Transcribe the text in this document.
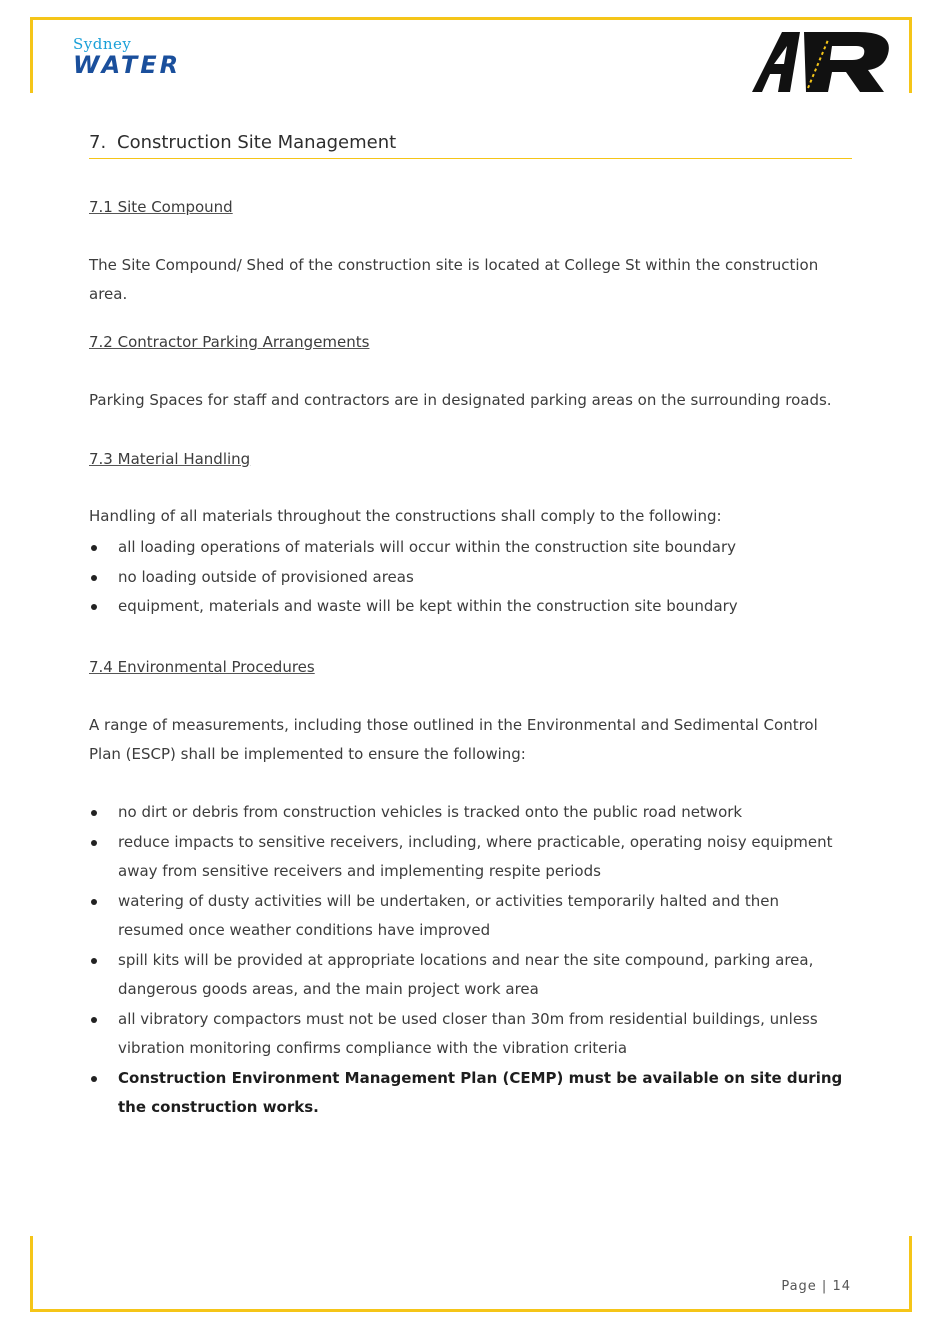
Sydney
WATER
7. Construction Site Management

7.1 Site Compound

The Site Compound/ Shed of the construction site is located at College St within the construction area.

7.2 Contractor Parking Arrangements

Parking Spaces for staff and contractors are in designated parking areas on the surrounding roads.

7.3 Material Handling

Handling of all materials throughout the constructions shall comply to the following:

all loading operations of materials will occur within the construction site boundary
no loading outside of provisioned areas
equipment, materials and waste will be kept within the construction site boundary

7.4 Environmental Procedures

A range of measurements, including those outlined in the Environmental and Sedimental Control Plan (ESCP) shall be implemented to ensure the following:

no dirt or debris from construction vehicles is tracked onto the public road network
reduce impacts to sensitive receivers, including, where practicable, operating noisy equipment away from sensitive receivers and implementing respite periods
watering of dusty activities will be undertaken, or activities temporarily halted and then resumed once weather conditions have improved
spill kits will be provided at appropriate locations and near the site compound, parking area, dangerous goods areas, and the main project work area
all vibratory compactors must not be used closer than 30m from residential buildings, unless vibration monitoring confirms compliance with the vibration criteria
Construction Environment Management Plan (CEMP) must be available on site during the construction works.
Page | 14
